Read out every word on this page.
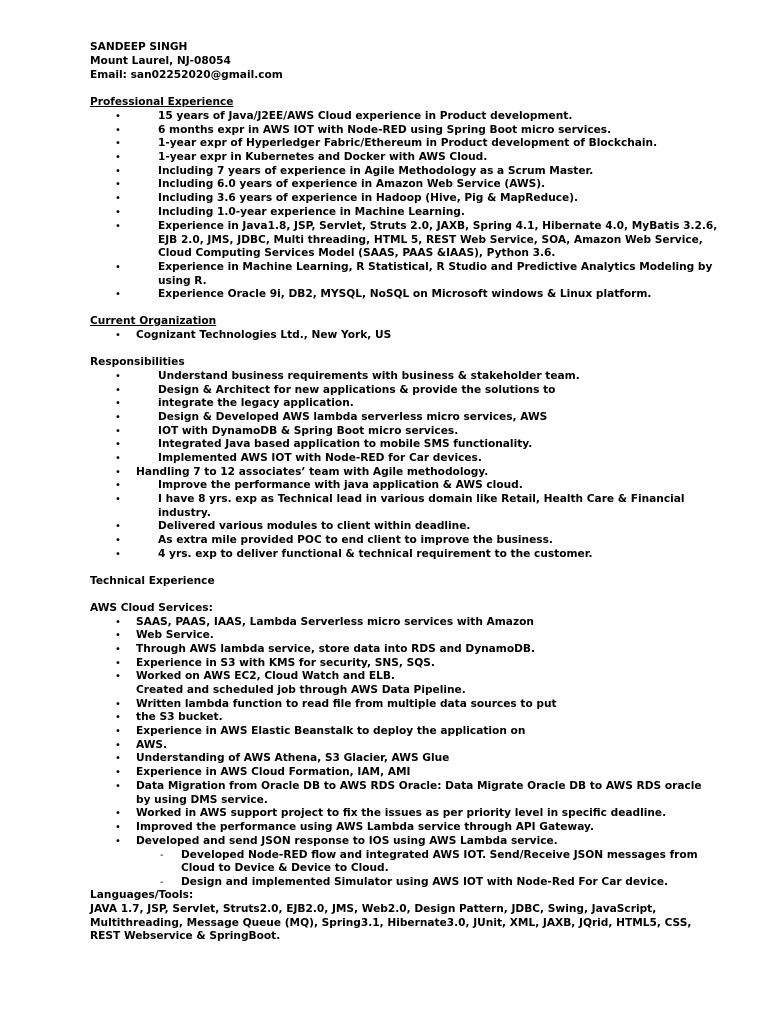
SANDEEP SINGH
Mount Laurel, NJ-08054
Email: san02252020@gmail.com
Professional Experience
•	15 years of Java/J2EE/AWS Cloud experience in Product development.
•	6 months expr in AWS IOT with Node-RED using Spring Boot micro services.
•	1-year expr of Hyperledger Fabric/Ethereum in Product development of Blockchain.
•	1-year expr in Kubernetes and Docker with AWS Cloud.
•	Including 7 years of experience in Agile Methodology as a Scrum Master.
•	Including 6.0 years of experience in Amazon Web Service (AWS).
•	Including 3.6 years of experience in Hadoop (Hive, Pig & MapReduce).
•	Including 1.0-year experience in Machine Learning.
•	Experience in Java1.8, JSP, Servlet, Struts 2.0, JAXB, Spring 4.1, Hibernate 4.0, MyBatis 3.2.6,
EJB 2.0, JMS, JDBC, Multi threading, HTML 5, REST Web Service, SOA, Amazon Web Service,
Cloud Computing Services Model (SAAS, PAAS &IAAS), Python 3.6.
•	Experience in Machine Learning, R Statistical, R Studio and Predictive Analytics Modeling by
using R.
•	Experience Oracle 9i, DB2, MYSQL, NoSQL on Microsoft windows & Linux platform.
Current Organization
• Cognizant Technologies Ltd., New York, US
Responsibilities
•	Understand business requirements with business & stakeholder team.
•	Design & Architect for new applications & provide the solutions to
•	integrate the legacy application.
•	Design & Developed AWS lambda serverless micro services, AWS
•	IOT with DynamoDB & Spring Boot micro services.
•	Integrated Java based application to mobile SMS functionality.
•	Implemented AWS IOT with Node-RED for Car devices.
• Handling 7 to 12 associates’ team with Agile methodology.
•	Improve the performance with java application & AWS cloud.
•	I have 8 yrs. exp as Technical lead in various domain like Retail, Health Care & Financial
industry.
•	Delivered various modules to client within deadline.
•	As extra mile provided POC to end client to improve the business.
•	4 yrs. exp to deliver functional & technical requirement to the customer.
Technical Experience
AWS Cloud Services:
• SAAS, PAAS, IAAS, Lambda Serverless micro services with Amazon
• Web Service.
• Through AWS lambda service, store data into RDS and DynamoDB.
• Experience in S3 with KMS for security, SNS, SQS.
• Worked on AWS EC2, Cloud Watch and ELB.
Created and scheduled job through AWS Data Pipeline.
• Written lambda function to read file from multiple data sources to put
• the S3 bucket.
• Experience in AWS Elastic Beanstalk to deploy the application on
• AWS.
• Understanding of AWS Athena, S3 Glacier, AWS Glue
• Experience in AWS Cloud Formation, IAM, AMI
• Data Migration from Oracle DB to AWS RDS Oracle: Data Migrate Oracle DB to AWS RDS oracle
by using DMS service.
• Worked in AWS support project to fix the issues as per priority level in specific deadline.
• Improved the performance using AWS Lambda service through API Gateway.
• Developed and send JSON response to IOS using AWS Lambda service.
- Developed Node-RED flow and integrated AWS IOT. Send/Receive JSON messages from
Cloud to Device & Device to Cloud.
- Design and implemented Simulator using AWS IOT with Node-Red For Car device.
Languages/Tools:
JAVA 1.7, JSP, Servlet, Struts2.0, EJB2.0, JMS, Web2.0, Design Pattern, JDBC, Swing, JavaScript,
Multithreading, Message Queue (MQ), Spring3.1, Hibernate3.0, JUnit, XML, JAXB, JQrid, HTML5, CSS,
REST Webservice & SpringBoot.
